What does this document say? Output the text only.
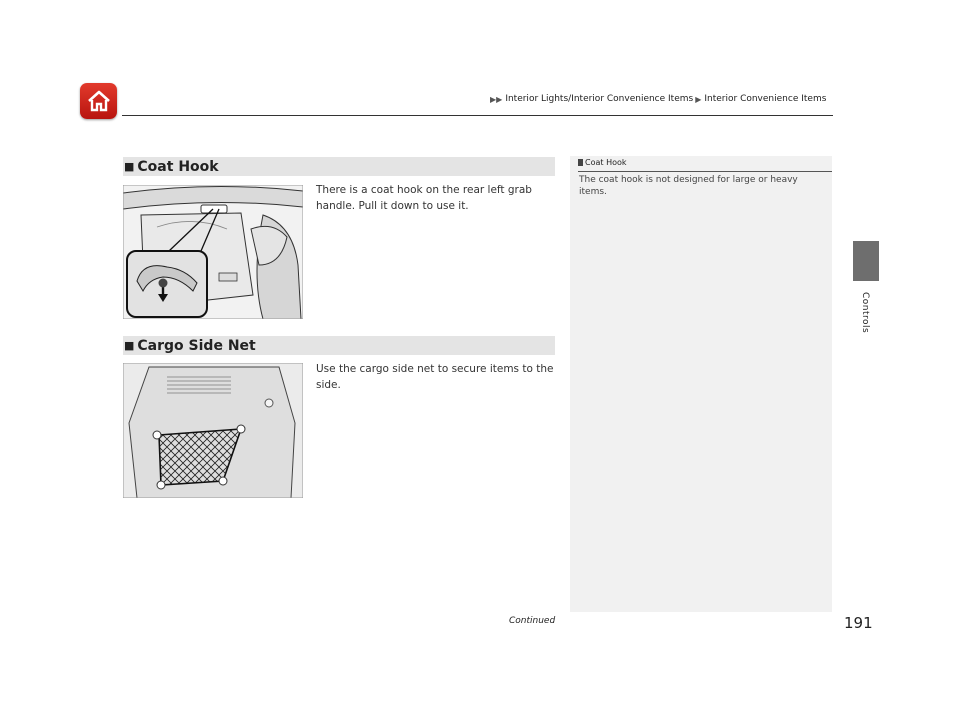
▶▶ Interior Lights/Interior Convenience Items ▶ Interior Convenience Items
Controls
■ Coat Hook
There is a coat hook on the rear left grab handle. Pull it down to use it.
■ Cargo Side Net
Use the cargo side net to secure items to the side.
Coat Hook
The coat hook is not designed for large or heavy items.
Continued	191
